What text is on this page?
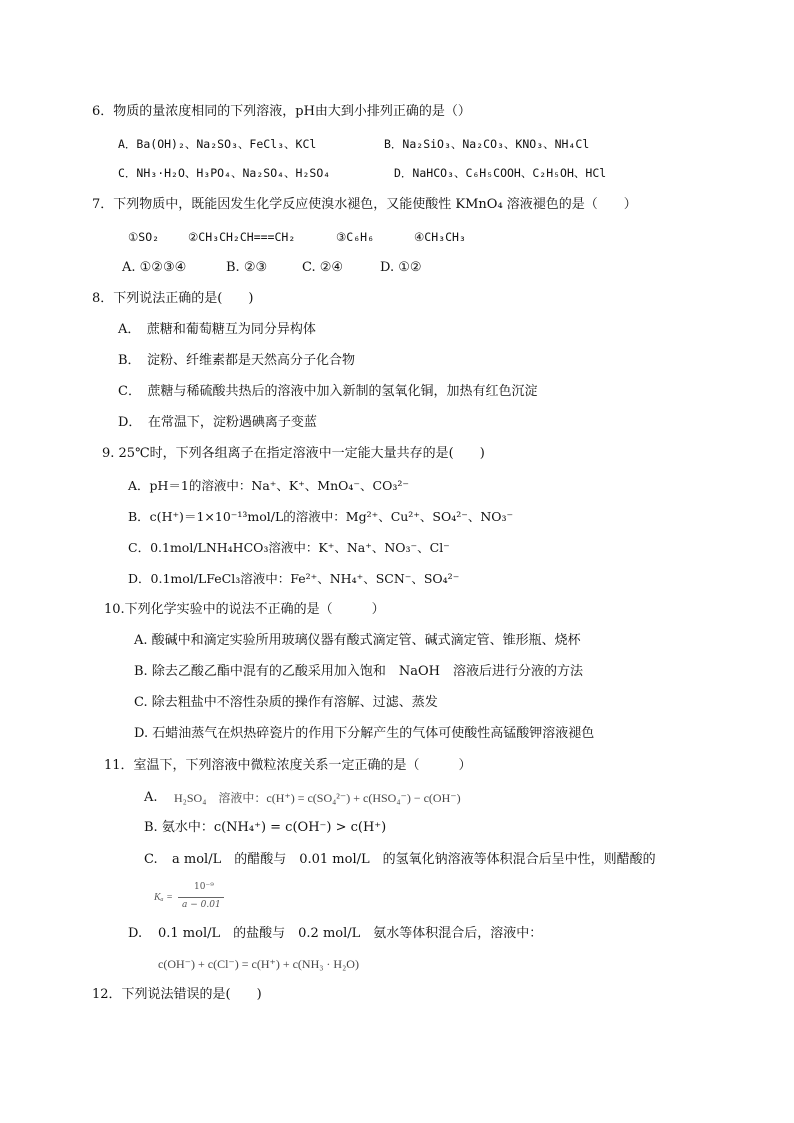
6．物质的量浓度相同的下列溶液，pH由大到小排列正确的是（）
A．Ba(OH)₂、Na₂SO₃、FeCl₃、KCl	B．Na₂SiO₃、Na₂CO₃、KNO₃、NH₄Cl
C．NH₃·H₂O、H₃PO₄、Na₂SO₄、H₂SO₄	D．NaHCO₃、C₆H₅COOH、C₂H₅OH、HCl
7．下列物质中，既能因发生化学反应使溴水褪色，又能使酸性 KMnO₄ 溶液褪色的是（　　）
①SO₂	②CH₃CH₂CH===CH₂	③C₆H₆	④CH₃CH₃
A. ①②③④	B. ②③	C. ②④	D. ①②
8．下列说法正确的是(　　)
A．　蔗糖和葡萄糖互为同分异构体
B．　淀粉、纤维素都是天然高分子化合物
C．　蔗糖与稀硫酸共热后的溶液中加入新制的氢氧化铜，加热有红色沉淀
D．　在常温下，淀粉遇碘离子变蓝
9. 25℃时，下列各组离子在指定溶液中一定能大量共存的是(　　)
A．pH＝1的溶液中：Na⁺、K⁺、MnO₄⁻、CO₃²⁻
B．c(H⁺)＝1×10⁻¹³mol/L的溶液中：Mg²⁺、Cu²⁺、SO₄²⁻、NO₃⁻
C．0.1mol/LNH₄HCO₃溶液中：K⁺、Na⁺、NO₃⁻、Cl⁻
D．0.1mol/LFeCl₃溶液中：Fe²⁺、NH₄⁺、SCN⁻、SO₄²⁻
10.下列化学实验中的说法不正确的是（　　　）
A. 酸碱中和滴定实验所用玻璃仪器有酸式滴定管、碱式滴定管、锥形瓶、烧杯
B. 除去乙酸乙酯中混有的乙酸采用加入饱和　NaOH　溶液后进行分液的方法
C. 除去粗盐中不溶性杂质的操作有溶解、过滤、蒸发
D. 石蜡油蒸气在炽热碎瓷片的作用下分解产生的气体可使酸性高锰酸钾溶液褪色
11．室温下，下列溶液中微粒浓度关系一定正确的是（　　　）
A. H₂SO₄　溶液中：c(H⁺) = c(SO₄²⁻) + c(HSO₄⁻) − c(OH⁻)
B. 氨水中：c(NH₄⁺) = c(OH⁻) > c(H⁺)
C. a mol/L　的醋酸与　0.01 mol/L　的氢氧化钠溶液等体积混合后呈中性，则醋酸的
Kₐ =
10⁻⁹
a − 0.01
D. 0.1 mol/L　的盐酸与　0.2 mol/L　氨水等体积混合后，溶液中：
c(OH⁻) + c(Cl⁻) = c(H⁺) + c(NH₃ · H₂O)
12．下列说法错误的是(　　)
